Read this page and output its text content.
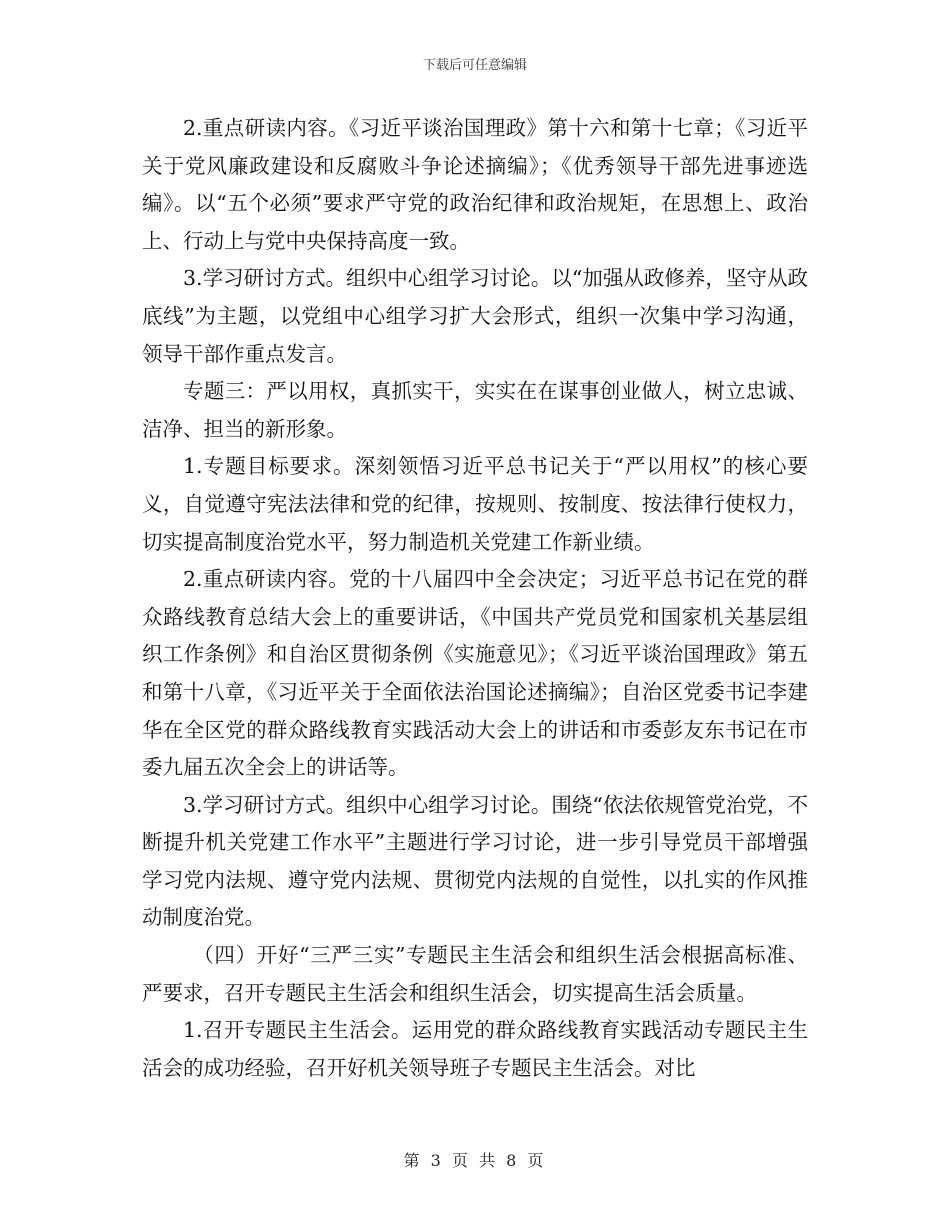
下载后可任意编辑

2.重点研读内容。《习近平谈治国理政》第十六和第十七章；《习近平关于党风廉政建设和反腐败斗争论述摘编》；《优秀领导干部先进事迹选编》。以“五个必须”要求严守党的政治纪律和政治规矩，在思想上、政治上、行动上与党中央保持高度一致。

3.学习研讨方式。组织中心组学习讨论。以“加强从政修养，坚守从政底线”为主题，以党组中心组学习扩大会形式，组织一次集中学习沟通，领导干部作重点发言。

专题三：严以用权，真抓实干，实实在在谋事创业做人，树立忠诚、洁净、担当的新形象。

1.专题目标要求。深刻领悟习近平总书记关于“严以用权”的核心要义，自觉遵守宪法法律和党的纪律，按规则、按制度、按法律行使权力，切实提高制度治党水平，努力制造机关党建工作新业绩。

2.重点研读内容。党的十八届四中全会决定；习近平总书记在党的群众路线教育总结大会上的重要讲话，《中国共产党员党和国家机关基层组织工作条例》和自治区贯彻条例《实施意见》；《习近平谈治国理政》第五和第十八章，《习近平关于全面依法治国论述摘编》；自治区党委书记李建华在全区党的群众路线教育实践活动大会上的讲话和市委彭友东书记在市委九届五次全会上的讲话等。

3.学习研讨方式。组织中心组学习讨论。围绕“依法依规管党治党，不断提升机关党建工作水平”主题进行学习讨论，进一步引导党员干部增强学习党内法规、遵守党内法规、贯彻党内法规的自觉性，以扎实的作风推动制度治党。

（四）开好“三严三实”专题民主生活会和组织生活会根据高标准、严要求，召开专题民主生活会和组织生活会，切实提高生活会质量。

1.召开专题民主生活会。运用党的群众路线教育实践活动专题民主生活会的成功经验，召开好机关领导班子专题民主生活会。对比

第 3 页 共 8 页
